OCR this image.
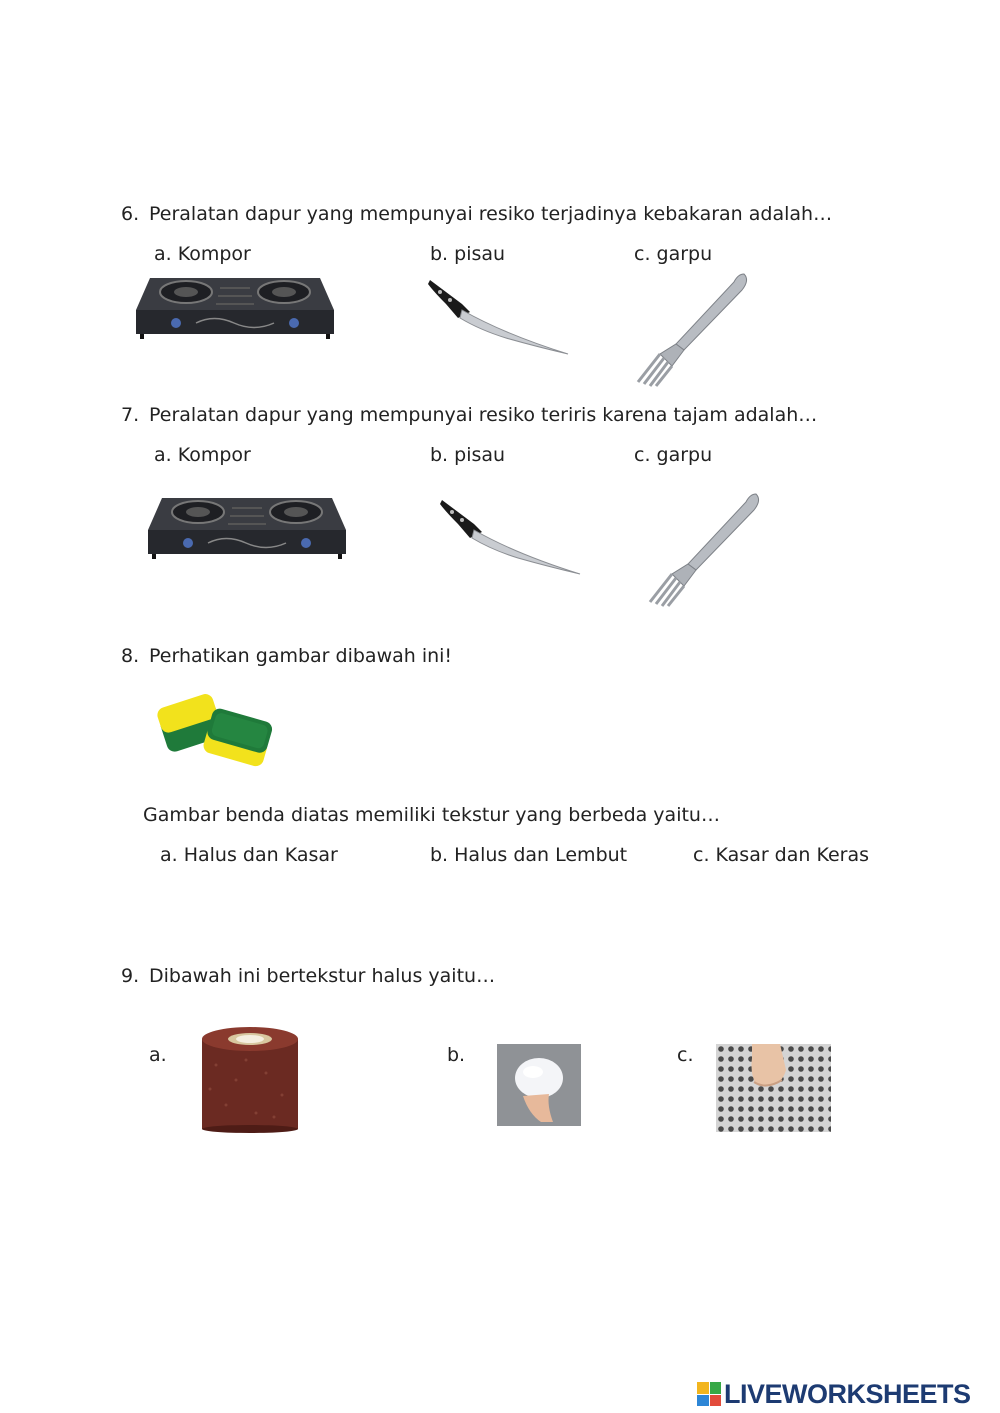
6. Peralatan dapur yang mempunyai resiko terjadinya kebakaran adalah…
a. Kompor	b. pisau	c. garpu
7. Peralatan dapur yang mempunyai resiko teriris karena tajam adalah…
a. Kompor	b. pisau	c. garpu
8. Perhatikan gambar dibawah ini!
Gambar benda diatas memiliki tekstur yang berbeda yaitu…
a. Halus dan Kasar	b. Halus dan Lembut	c. Kasar dan Keras
9. Dibawah ini bertekstur halus yaitu…
a.	b.	c.
LIVEWORKSHEETS
